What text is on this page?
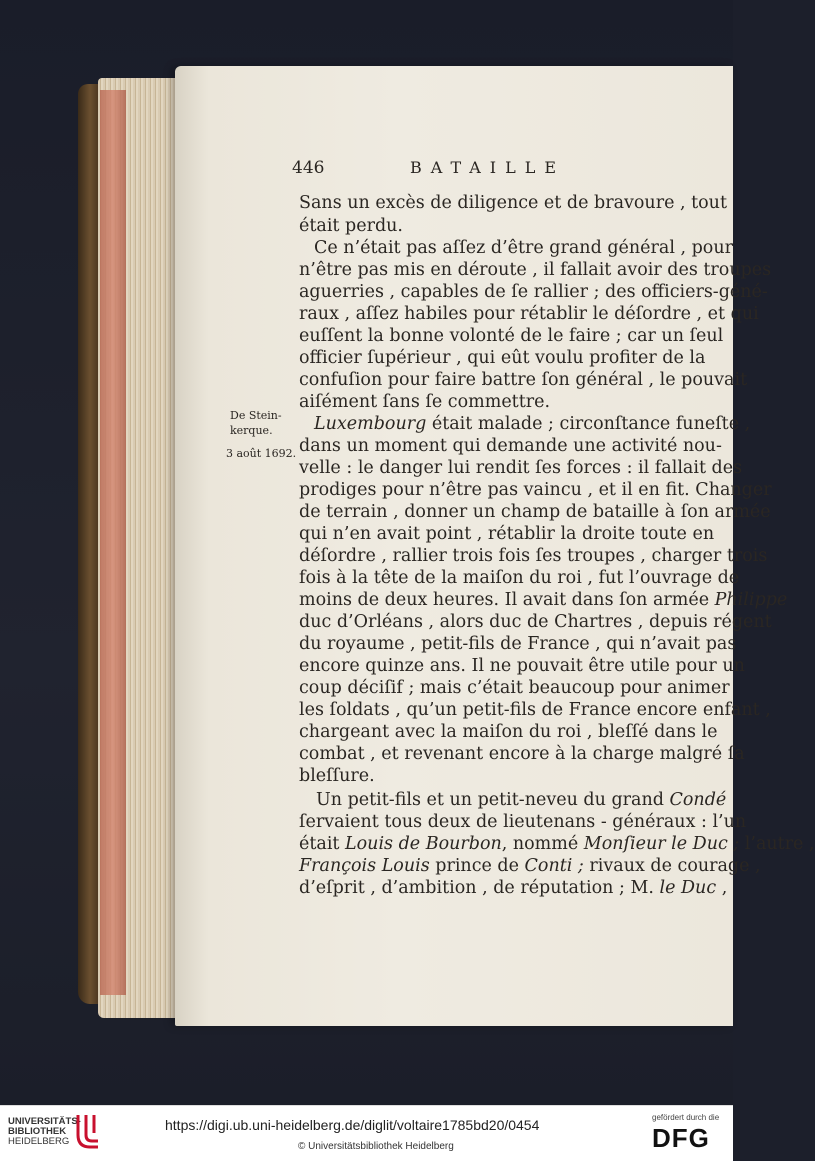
446	BATAILLE
De Stein-
kerque.
3 août 1692.
Sans un excès de diligence et de bravoure , tout
était perdu.
Ce n’était pas aſſez d’être grand général , pour
n’être pas mis en déroute , il fallait avoir des troupes
aguerries , capables de ſe rallier ; des officiers-géné-
raux , aſſez habiles pour rétablir le déſordre , et qui
euſſent la bonne volonté de le faire ; car un ſeul
officier ſupérieur , qui eût voulu profiter de la
confuſion pour faire battre ſon général , le pouvait
aiſément ſans ſe commettre.
Luxembourg était malade ; circonſtance funeſte ,
dans un moment qui demande une activité nou-
velle : le danger lui rendit ſes forces : il fallait des
prodiges pour n’être pas vaincu , et il en fit. Changer
de terrain , donner un champ de bataille à ſon armée
qui n’en avait point , rétablir la droite toute en
déſordre , rallier trois fois ſes troupes , charger trois
fois à la tête de la maiſon du roi , fut l’ouvrage de
moins de deux heures. Il avait dans ſon armée Philippe
duc d’Orléans , alors duc de Chartres , depuis régent
du royaume , petit-fils de France , qui n’avait pas
encore quinze ans. Il ne pouvait être utile pour un
coup déciſif ; mais c’était beaucoup pour animer
les ſoldats , qu’un petit-fils de France encore enfant ,
chargeant avec la maiſon du roi , bleſſé dans le
combat , et revenant encore à la charge malgré ſa
bleſſure.
Un petit-fils et un petit-neveu du grand Condé
ſervaient tous deux de lieutenans - généraux : l’un
était Louis de Bourbon, nommé Monſieur le Duc ; l’autre ,
François Louis prince de Conti ; rivaux de courage ,
d’eſprit , d’ambition , de réputation ; M. le Duc
UNIVERSITÄTS-
BIBLIOTHEK
HEIDELBERG
https://digi.ub.uni-heidelberg.de/diglit/voltaire1785bd20/0454
© Universitätsbibliothek Heidelberg
gefördert durch die
DFG
